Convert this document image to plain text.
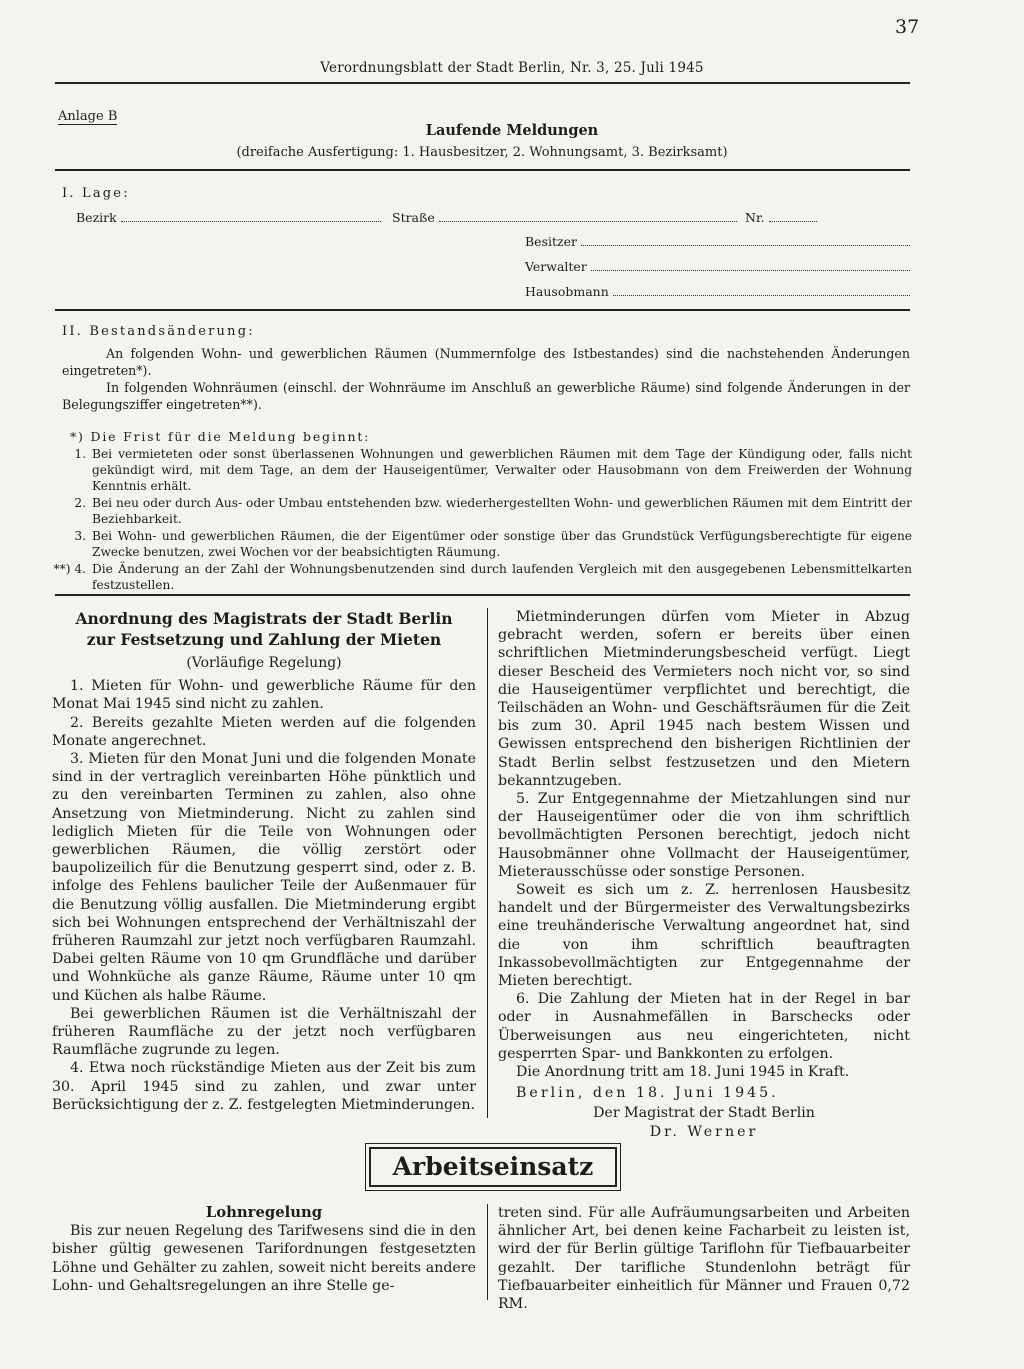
37
Verordnungsblatt der Stadt Berlin, Nr. 3, 25. Juli 1945
Anlage B
Laufende Meldungen
(dreifache Ausfertigung: 1. Hausbesitzer, 2. Wohnungsamt, 3. Bezirksamt)
I. Lage:
Bezirk	Straße	Nr.
Besitzer
Verwalter
Hausobmann
II. Bestandsänderung:
An folgenden Wohn- und gewerblichen Räumen (Nummernfolge des Istbestandes) sind die nachstehenden Änderungen eingetreten*).
In folgenden Wohnräumen (einschl. der Wohnräume im Anschluß an gewerbliche Räume) sind folgende Änderungen in der Belegungsziffer eingetreten**).
*) Die Frist für die Meldung beginnt:
1. Bei vermieteten oder sonst überlassenen Wohnungen und gewerblichen Räumen mit dem Tage der Kündigung oder, falls nicht gekündigt wird, mit dem Tage, an dem der Hauseigentümer, Verwalter oder Hausobmann von dem Freiwerden der Wohnung Kenntnis erhält.
2. Bei neu oder durch Aus- oder Umbau entstehenden bzw. wiederhergestellten Wohn- und gewerblichen Räumen mit dem Eintritt der Beziehbarkeit.
3. Bei Wohn- und gewerblichen Räumen, die der Eigentümer oder sonstige über das Grundstück Verfügungsberechtigte für eigene Zwecke benutzen, zwei Wochen vor der beabsichtigten Räumung.
**) 4. Die Änderung an der Zahl der Wohnungsbenutzenden sind durch laufenden Vergleich mit den ausgegebenen Lebensmittelkarten festzustellen.
Anordnung des Magistrats der Stadt Berlin
zur Festsetzung und Zahlung der Mieten
(Vorläufige Regelung)

1. Mieten für Wohn- und gewerbliche Räume für den Monat Mai 1945 sind nicht zu zahlen.

2. Bereits gezahlte Mieten werden auf die folgenden Monate angerechnet.

3. Mieten für den Monat Juni und die folgenden Monate sind in der vertraglich vereinbarten Höhe pünktlich und zu den vereinbarten Terminen zu zahlen, also ohne Ansetzung von Mietminderung. Nicht zu zahlen sind lediglich Mieten für die Teile von Wohnungen oder gewerblichen Räumen, die völlig zerstört oder baupolizeilich für die Benutzung gesperrt sind, oder z. B. infolge des Fehlens baulicher Teile der Außenmauer für die Benutzung völlig ausfallen. Die Mietminderung ergibt sich bei Wohnungen entsprechend der Verhältniszahl der früheren Raumzahl zur jetzt noch verfügbaren Raumzahl. Dabei gelten Räume von 10 qm Grundfläche und darüber und Wohnküche als ganze Räume, Räume unter 10 qm und Küchen als halbe Räume.

Bei gewerblichen Räumen ist die Verhältniszahl der früheren Raumfläche zu der jetzt noch verfügbaren Raumfläche zugrunde zu legen.

4. Etwa noch rückständige Mieten aus der Zeit bis zum 30. April 1945 sind zu zahlen, und zwar unter Berücksichtigung der z. Z. festgelegten Mietminderungen.

Mietminderungen dürfen vom Mieter in Abzug gebracht werden, sofern er bereits über einen schriftlichen Mietminderungsbescheid verfügt. Liegt dieser Bescheid des Vermieters noch nicht vor, so sind die Hauseigentümer verpflichtet und berechtigt, die Teilschäden an Wohn- und Geschäftsräumen für die Zeit bis zum 30. April 1945 nach bestem Wissen und Gewissen entsprechend den bisherigen Richtlinien der Stadt Berlin selbst festzusetzen und den Mietern bekanntzugeben.

5. Zur Entgegennahme der Mietzahlungen sind nur der Hauseigentümer oder die von ihm schriftlich bevollmächtigten Personen berechtigt, jedoch nicht Hausobmänner ohne Vollmacht der Hauseigentümer, Mieterausschüsse oder sonstige Personen.

Soweit es sich um z. Z. herrenlosen Hausbesitz handelt und der Bürgermeister des Verwaltungsbezirks eine treuhänderische Verwaltung angeordnet hat, sind die von ihm schriftlich beauftragten Inkassobevollmächtigten zur Entgegennahme der Mieten berechtigt.

6. Die Zahlung der Mieten hat in der Regel in bar oder in Ausnahmefällen in Barschecks oder Überweisungen aus neu eingerichteten, nicht gesperrten Spar- und Bankkonten zu erfolgen.

Die Anordnung tritt am 18. Juni 1945 in Kraft.

Berlin, den 18. Juni 1945.

Der Magistrat der Stadt Berlin
Dr. Werner
Arbeitseinsatz
Lohnregelung

Bis zur neuen Regelung des Tarifwesens sind die in den bisher gültig gewesenen Tarifordnungen festgesetzten Löhne und Gehälter zu zahlen, soweit nicht bereits andere Lohn- und Gehaltsregelungen an ihre Stelle ge-

treten sind. Für alle Aufräumungsarbeiten und Arbeiten ähnlicher Art, bei denen keine Facharbeit zu leisten ist, wird der für Berlin gültige Tariflohn für Tiefbauarbeiter gezahlt. Der tarifliche Stundenlohn beträgt für Tiefbauarbeiter einheitlich für Männer und Frauen 0,72 RM.
